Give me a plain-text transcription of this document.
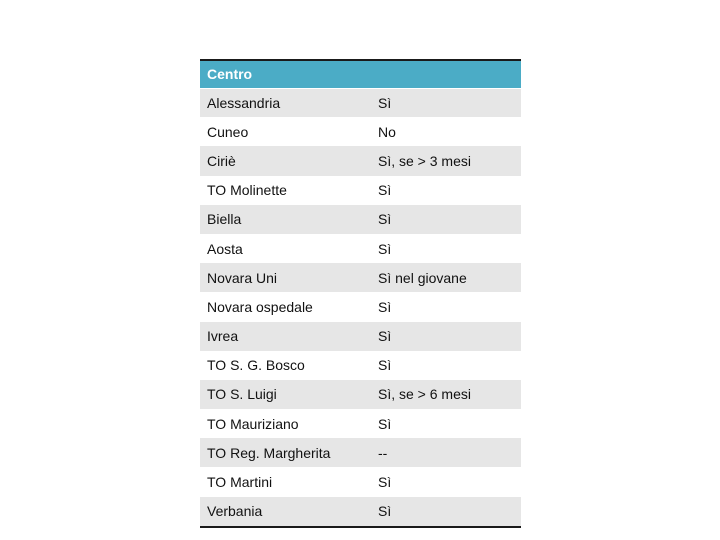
Centro	
Alessandria	Sì
Cuneo	No
Ciriè	Sì, se > 3 mesi
TO Molinette	Sì
Biella	Sì
Aosta	Sì
Novara Uni	Sì nel giovane
Novara ospedale	Sì
Ivrea	Sì
TO S. G. Bosco	Sì
TO S. Luigi	Sì, se > 6 mesi
TO Mauriziano	Sì
TO Reg. Margherita	--
TO Martini	Sì
Verbania	Sì
